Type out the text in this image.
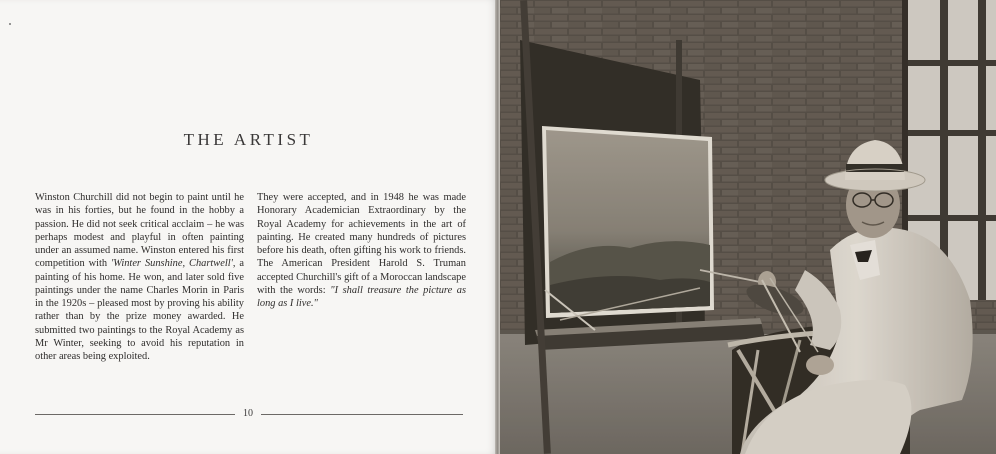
THE ARTIST

Winston Churchill did not begin to paint until he was in his forties, but he found in the hobby a passion. He did not seek critical acclaim – he was perhaps modest and playful in often painting under an assumed name. Winston entered his first competition with 'Winter Sunshine, Chartwell', a painting of his home. He won, and later sold five paintings under the name Charles Morin in Paris in the 1920s – pleased most by proving his ability rather than by the prize money awarded. He submitted two paintings to the Royal Academy as Mr Winter, seeking to avoid his reputation in other areas being exploited.

They were accepted, and in 1948 he was made Honorary Academician Extraordinary by the Royal Academy for achievements in the art of painting. He created many hundreds of pictures before his death, often gifting his work to friends. The American President Harold S. Truman accepted Churchill's gift of a Moroccan landscape with the words: "I shall treasure the picture as long as I live."

10
